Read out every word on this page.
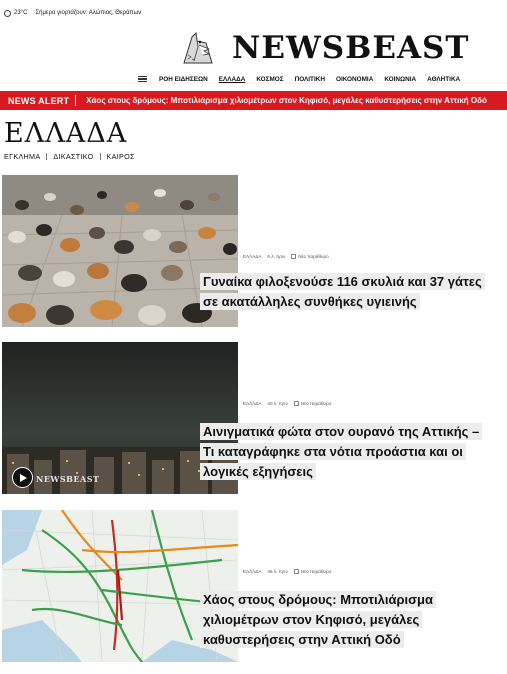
23°C Σήμερα γιορτάζουν: Αλώπιος, Θεράπων
NEWSBEAST
ΡΟΗ ΕΙΔΗΣΕΩΝ ΕΛΛΑΔΑ ΚΟΣΜΟΣ ΠΟΛΙΤΙΚΗ ΟΙΚΟΝΟΜΙΑ ΚΟΙΝΩΝΙΑ ΑΘΛΗΤΙΚΑ
NEWS ALERT	Χάος στους δρόμους: Μποτιλιάρισμα χιλιομέτρων στον Κηφισό, μεγάλες καθυστερήσεις στην Αττική Οδό
ΕΛΛΑΔΑ
ΕΓΚΛΗΜΑ ΔΙΚΑΣΤΙΚΟ ΚΑΙΡΟΣ
ΕΛΛΑΔΑ 6 λ. πριν	Νέο παράθυρο
Γυναίκα φιλοξενούσε 116 σκυλιά και 37 γάτες σε ακατάλληλες συνθήκες υγιεινής
NEWSBEAST
ΕΛΛΑΔΑ 40 λ. πριν	Νέο παράθυρο
Αινιγματικά φώτα στον ουρανό της Αττικής – Τι καταγράφηκε στα νότια προάστια και οι λογικές εξηγήσεις
ΕΛΛΑΔΑ 46 λ. πριν	Νέο παράθυρο
Χάος στους δρόμους: Μποτιλιάρισμα χιλιομέτρων στον Κηφισό, μεγάλες καθυστερήσεις στην Αττική Οδό
